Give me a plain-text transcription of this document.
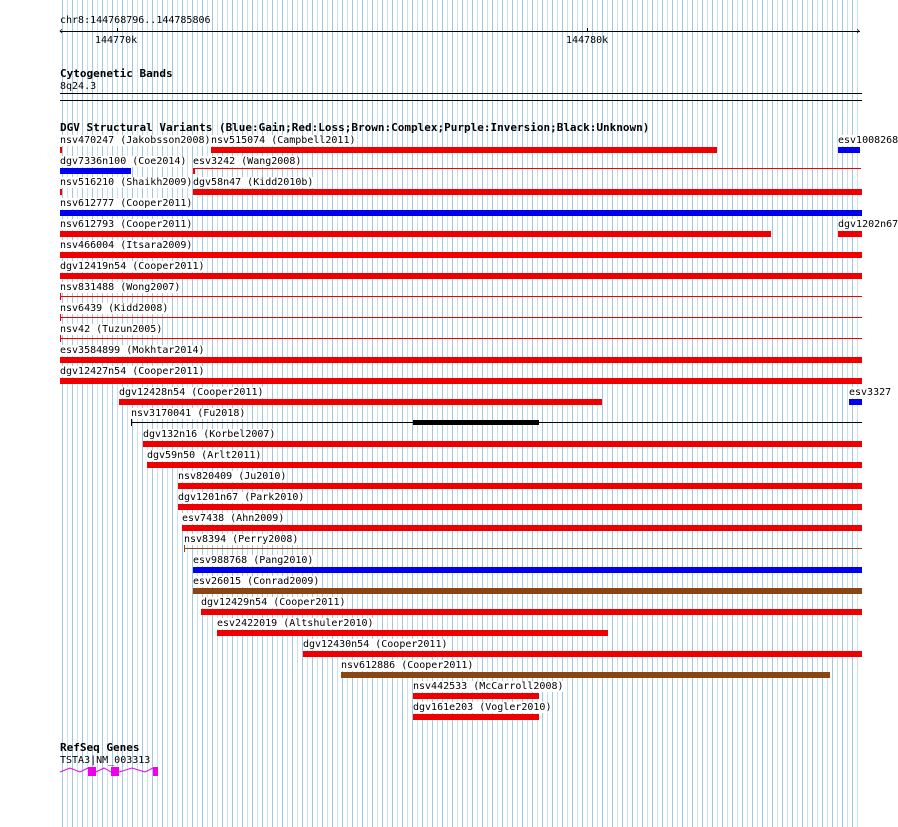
chr8:144768796..144785806
‹	›
144770k	144780k
Cytogenetic Bands
8q24.3
DGV Structural Variants (Blue:Gain;Red:Loss;Brown:Complex;Purple:Inversion;Black:Unknown)
nsv470247 (Jakobsson2008) nsv515074 (Campbell2011)	esv1008268
dgv7336n100 (Coe2014) esv3242 (Wang2008)
nsv516210 (Shaikh2009) dgv58n47 (Kidd2010b)
nsv612777 (Cooper2011)
nsv612793 (Cooper2011)	dgv1202n67
nsv466004 (Itsara2009)
dgv12419n54 (Cooper2011)
nsv831488 (Wong2007)
nsv6439 (Kidd2008)
nsv42 (Tuzun2005)
esv3584899 (Mokhtar2014)
dgv12427n54 (Cooper2011)
dgv12428n54 (Cooper2011)	esv3327
nsv3170041 (Fu2018)
dgv132n16 (Korbel2007)
dgv59n50 (Arlt2011)
nsv820409 (Ju2010)
dgv1201n67 (Park2010)
esv7438 (Ahn2009)
nsv8394 (Perry2008)
esv988768 (Pang2010)
esv26015 (Conrad2009)
dgv12429n54 (Cooper2011)
esv2422019 (Altshuler2010)
dgv12430n54 (Cooper2011)
nsv612886 (Cooper2011)
nsv442533 (McCarroll2008)
dgv161e203 (Vogler2010)
RefSeq Genes
TSTA3|NM_003313
